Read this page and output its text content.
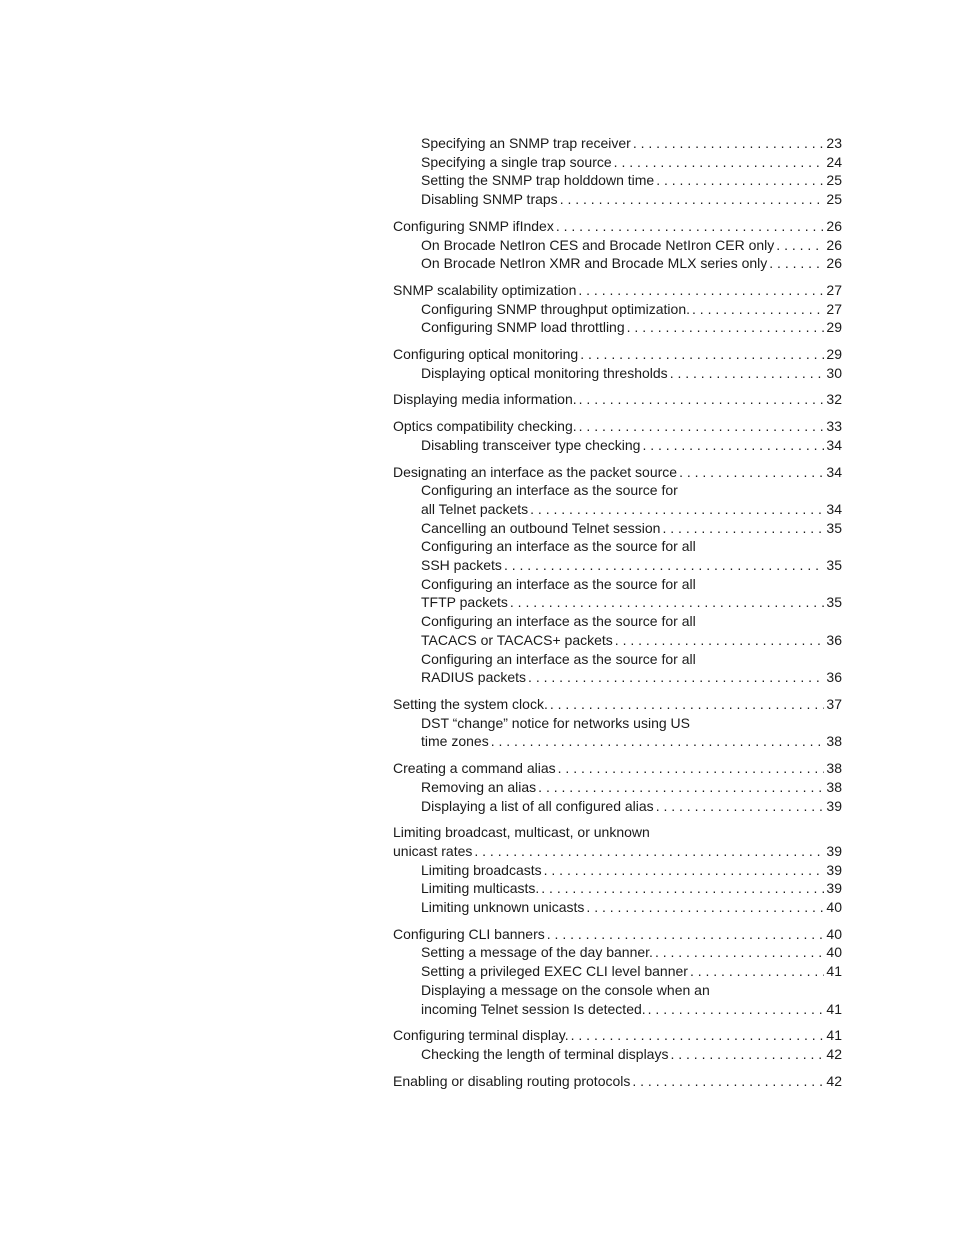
Specifying an SNMP trap receiver . . .	23
Specifying a single trap source . . .	24
Setting the SNMP trap holddown time . . .	25
Disabling SNMP traps . . .	25
Configuring SNMP ifIndex . . .	26
On Brocade NetIron CES and Brocade NetIron CER only . . .	26
On Brocade NetIron XMR and Brocade MLX series only . . .	26
SNMP scalability optimization . . .	27
Configuring SNMP throughput optimization. . . .	27
Configuring SNMP load throttling . . .	29
Configuring optical monitoring . . .	29
Displaying optical monitoring thresholds . . .	30
Displaying media information. . . .	32
Optics compatibility checking. . . .	33
Disabling transceiver type checking . . .	34
Designating an interface as the packet source . . .	34
Configuring an interface as the source for
all Telnet packets . . .	34
Cancelling an outbound Telnet session . . .	35
Configuring an interface as the source for all
SSH packets . . .	35
Configuring an interface as the source for all
TFTP packets . . .	35
Configuring an interface as the source for all
TACACS or TACACS+ packets . . .	36
Configuring an interface as the source for all
RADIUS packets . . .	36
Setting the system clock. . . .	37
DST “change” notice for networks using US
time zones . . .	38
Creating a command alias . . .	38
Removing an alias . . .	38
Displaying a list of all configured alias . . .	39
Limiting broadcast, multicast, or unknown
unicast rates . . .	39
Limiting broadcasts . . .	39
Limiting multicasts. . . .	39
Limiting unknown unicasts . . .	40
Configuring CLI banners . . .	40
Setting a message of the day banner. . . .	40
Setting a privileged EXEC CLI level banner . . .	41
Displaying a message on the console when an
incoming Telnet session Is detected. . . .	41
Configuring terminal display. . . .	41
Checking the length of terminal displays . . .	42
Enabling or disabling routing protocols . . .	42
